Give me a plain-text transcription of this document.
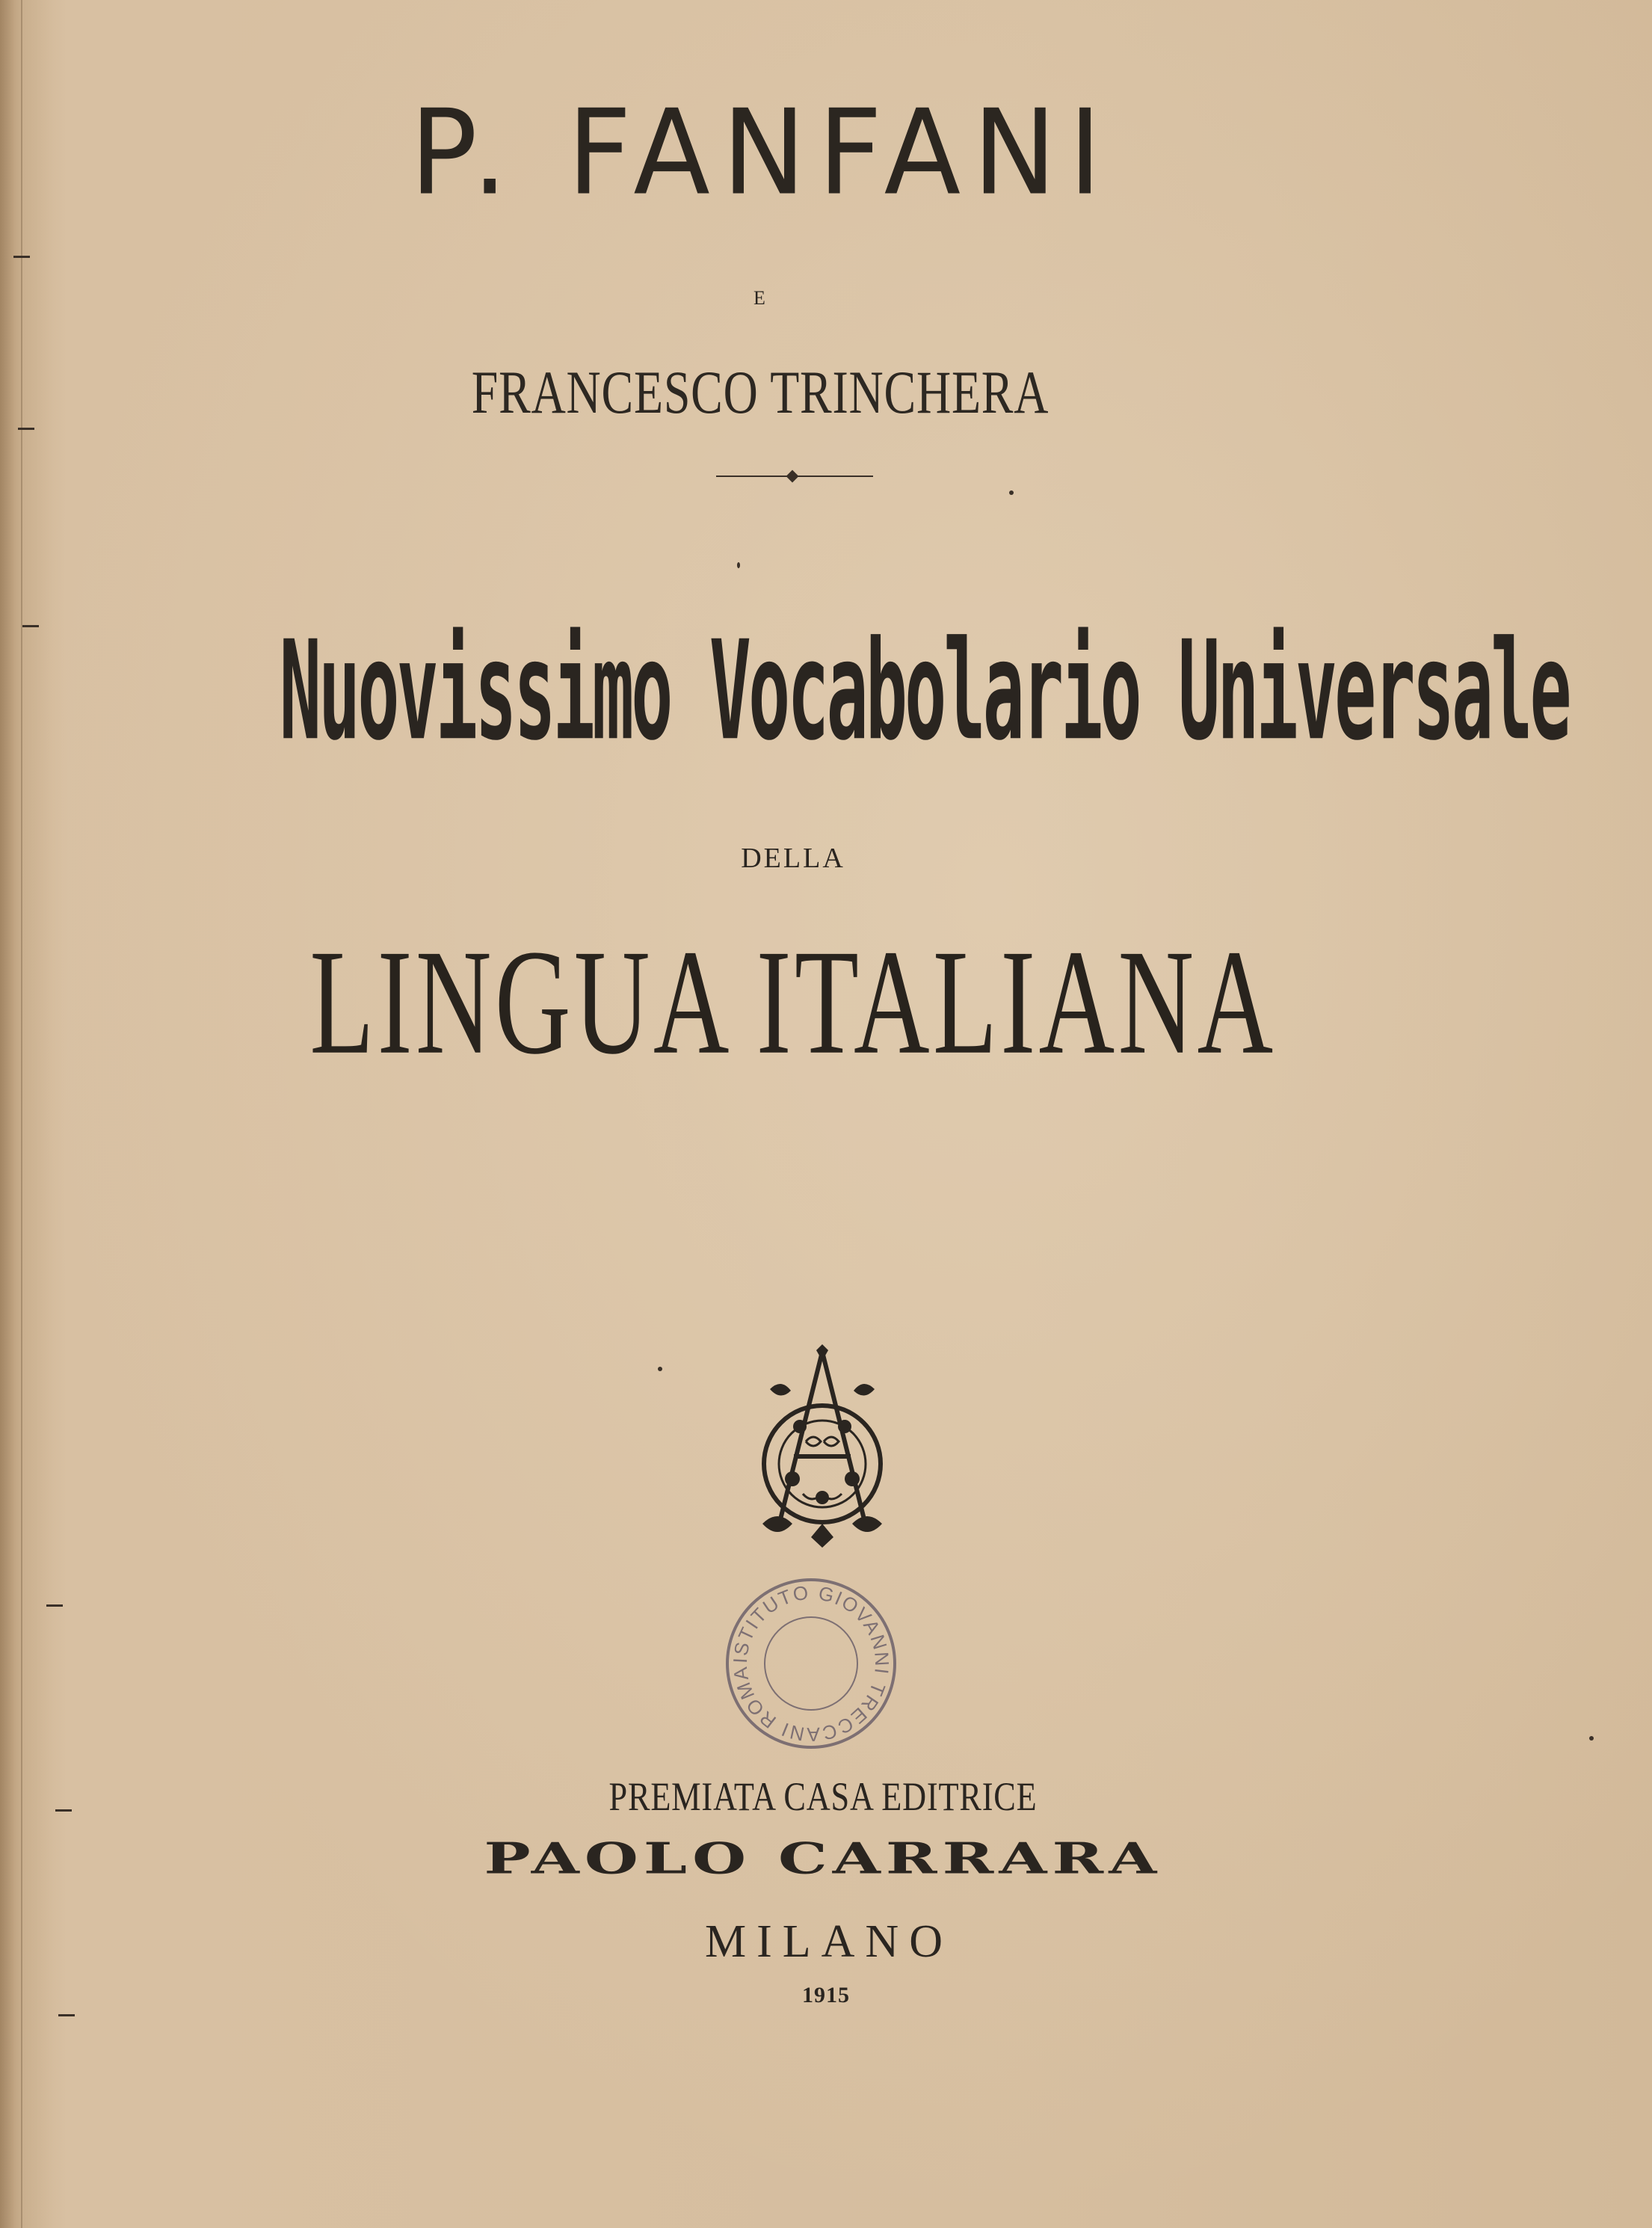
P. FANFANI
E
FRANCESCO TRINCHERA
Nuovissimo Vocabolario Universale
DELLA
LINGUA ITALIANA
ISTITUTO GIOVANNI TRECCANI ROMA
PREMIATA CASA EDITRICE
PAOLO CARRARA
MILANO
1915
